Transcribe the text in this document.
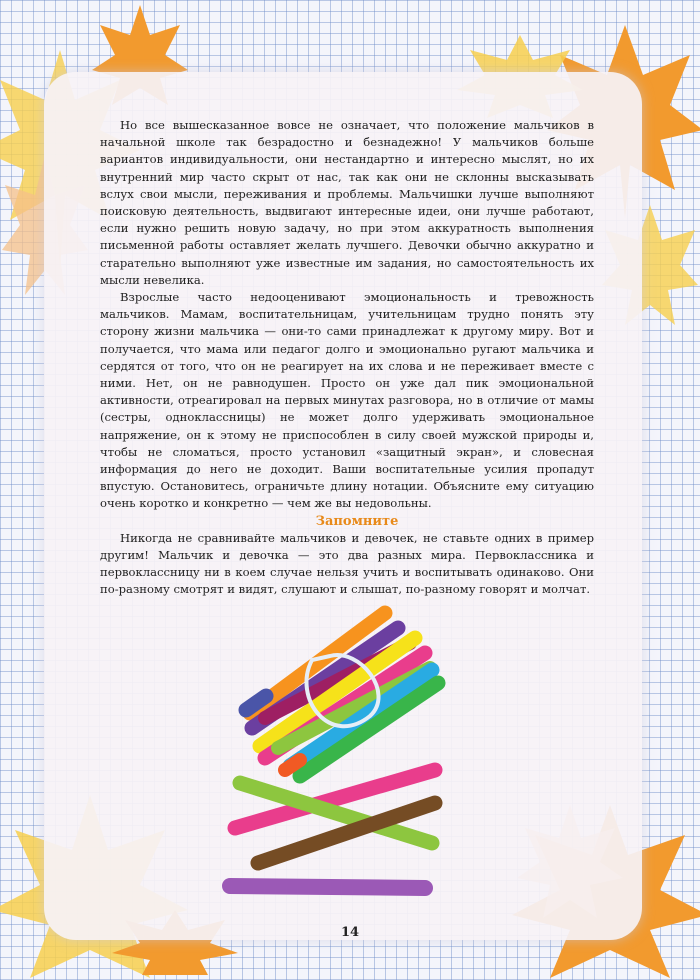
Но все вышесказанное вовсе не означает, что положение мальчиков в начальной школе так безрадостно и безнадежно! У мальчиков больше вариантов индивидуальности, они нестандартно и интересно мыслят, но их внутренний мир часто скрыт от нас, так как они не склонны высказывать вслух свои мысли, переживания и проблемы. Мальчишки лучше выполняют поисковую деятельность, выдвигают интересные идеи, они лучше работают, если нужно решить новую задачу, но при этом аккуратность выполнения письменной работы оставляет желать лучшего. Девочки обычно аккуратно и старательно выполняют уже известные им задания, но самостоятельность их мысли невелика.

Взрослые часто недооценивают эмоциональность и тревожность мальчиков. Мамам, воспитательницам, учительницам трудно понять эту сторону жизни мальчика — они-то сами принадлежат к другому миру. Вот и получается, что мама или педагог долго и эмоционально ругают мальчика и сердятся от того, что он не реагирует на их слова и не переживает вместе с ними. Нет, он не равнодушен. Просто он уже дал пик эмоциональной активности, отреагировал на первых минутах разговора, но в отличие от мамы (сестры, одноклассницы) не может долго удерживать эмоциональное напряжение, он к этому не приспособлен в силу своей мужской природы и, чтобы не сломаться, просто установил «защитный экран», и словесная информация до него не доходит. Ваши воспитательные усилия пропадут впустую. Остановитесь, ограничьте длину нотации. Объясните ему ситуацию очень коротко и конкретно — чем же вы недовольны.

Запомните

Никогда не сравнивайте мальчиков и девочек, не ставьте одних в пример другим! Мальчик и девочка — это два разных мира. Первоклассника и первоклассницу ни в коем случае нельзя учить и воспитывать одинаково. Они по-разному смотрят и видят, слушают и слышат, по-разному говорят и молчат.

14
